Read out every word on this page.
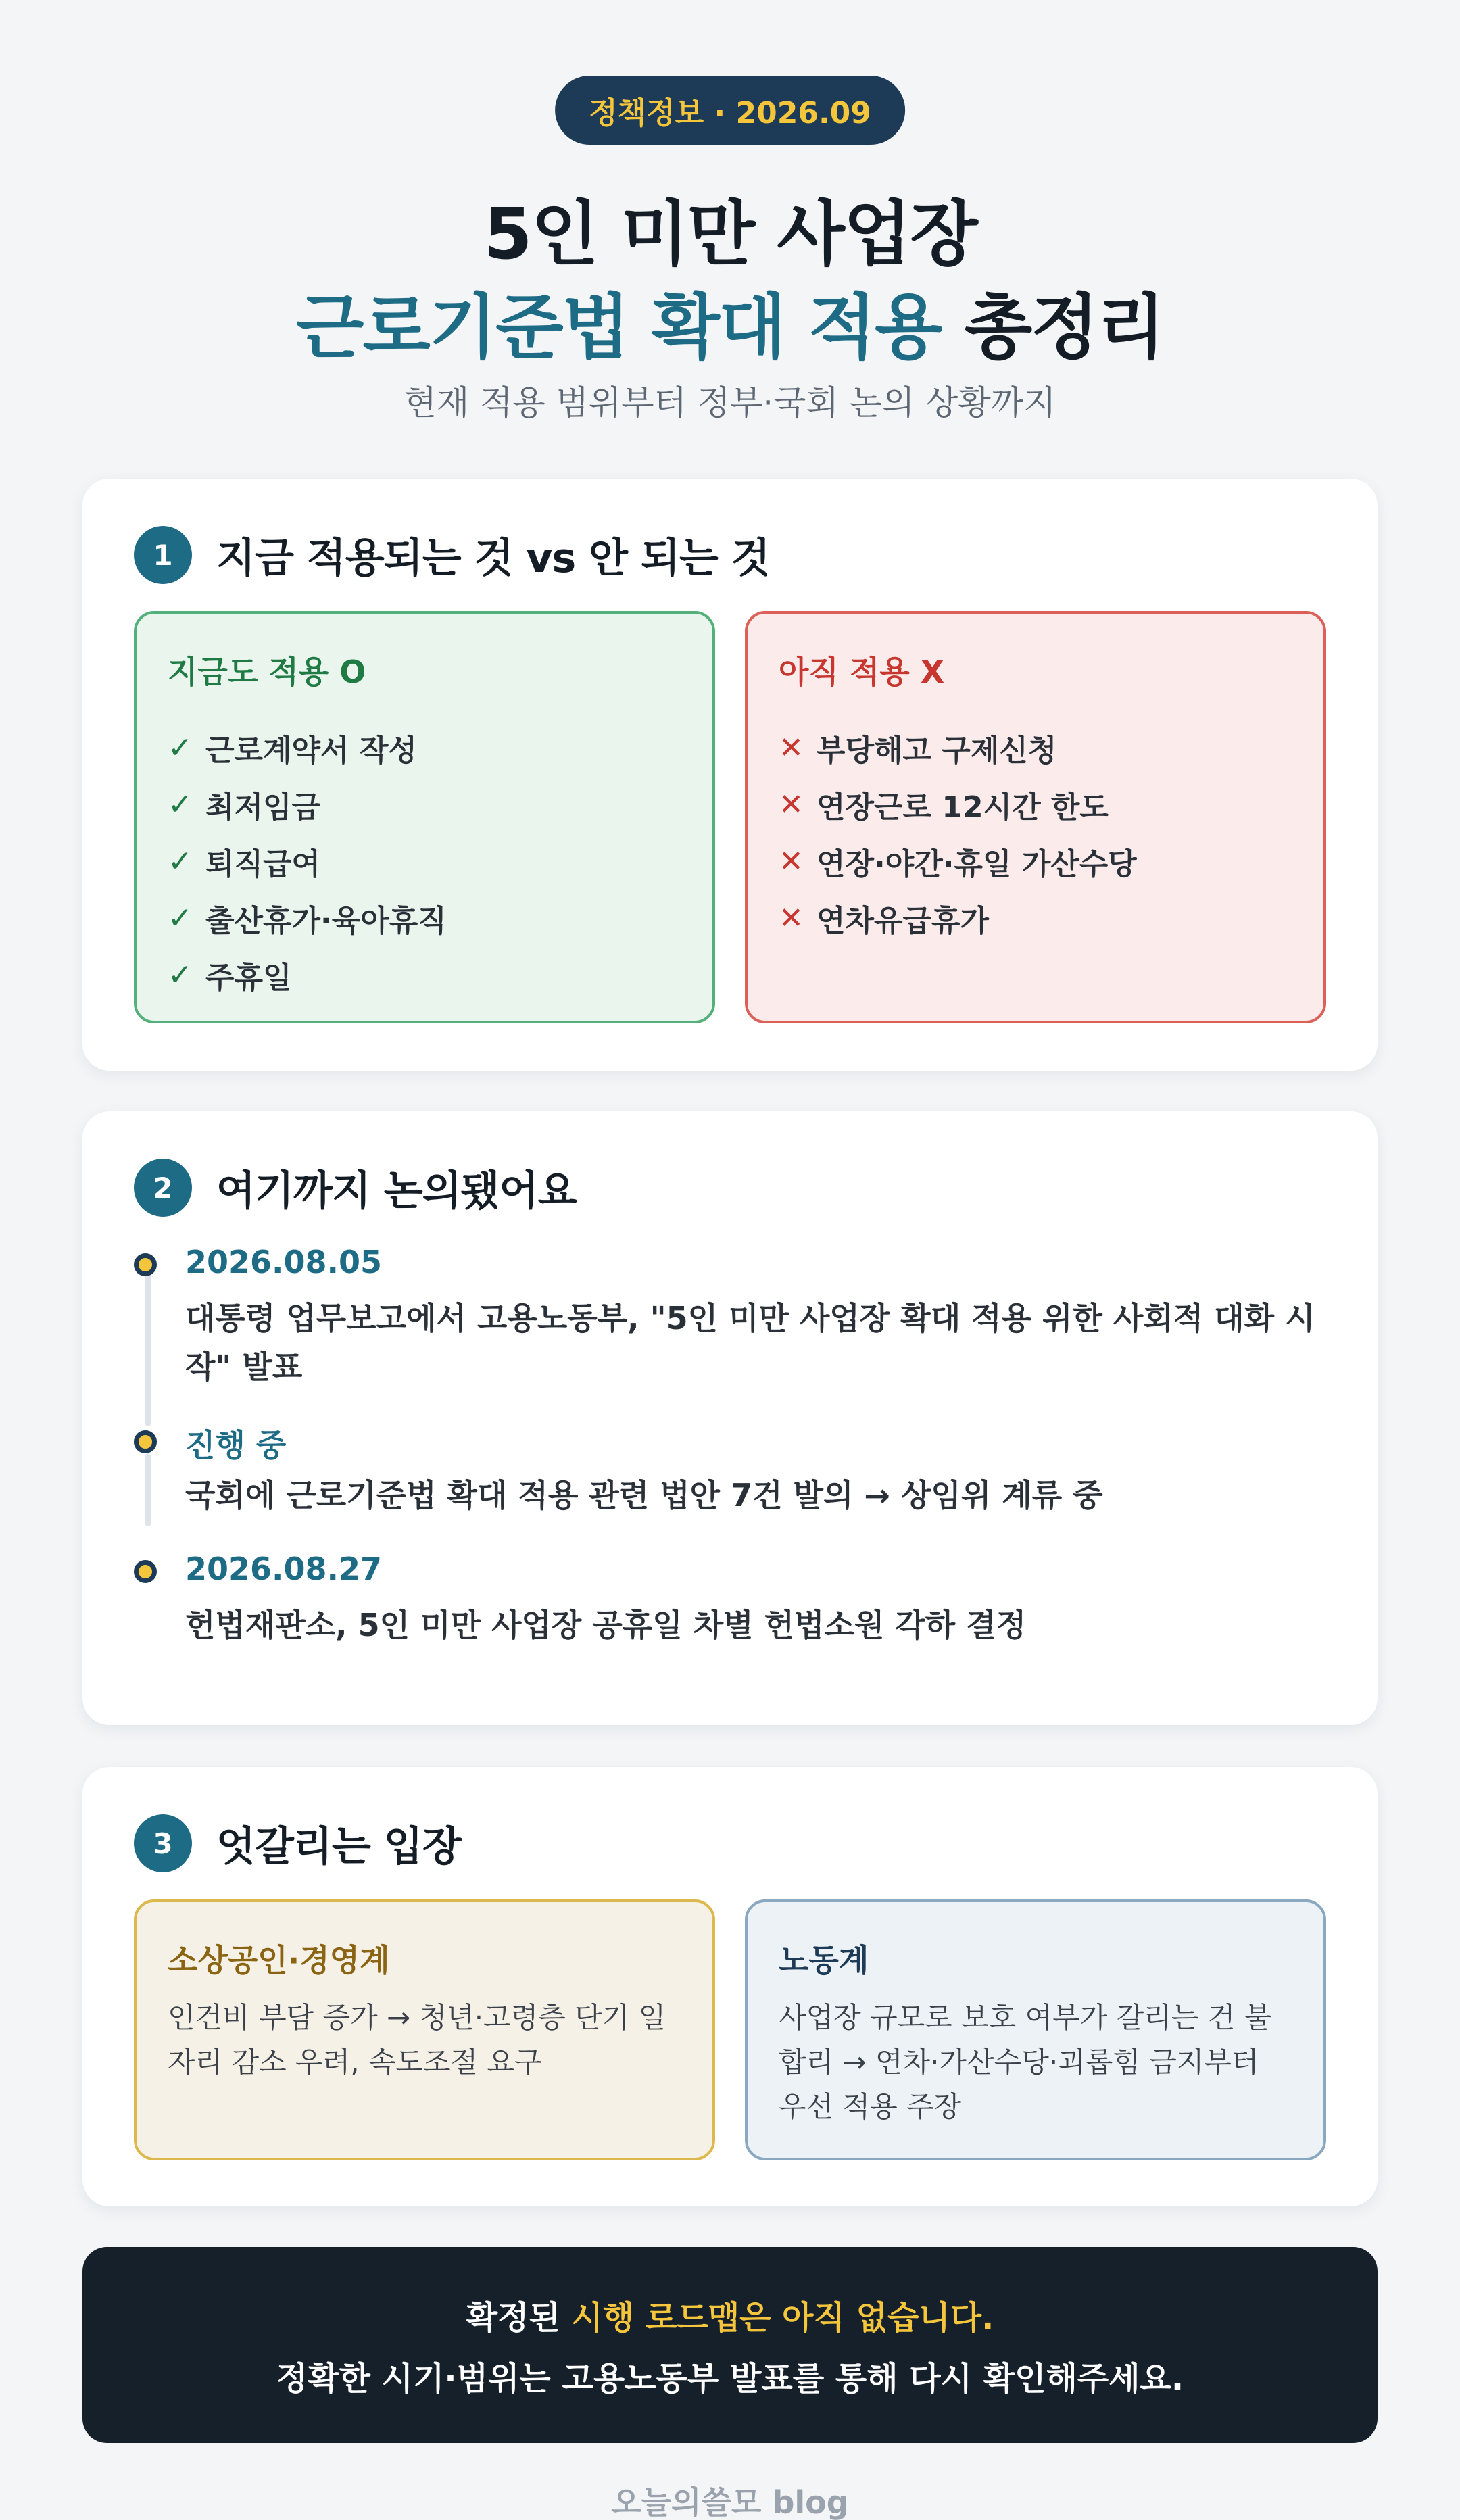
정책정보 · 2026.09
5인 미만 사업장
근로기준법 확대 적용 총정리
현재 적용 범위부터 정부·국회 논의 상황까지
1	지금 적용되는 것 vs 안 되는 것
지금도 적용 O
✓ 근로계약서 작성
✓ 최저임금
✓ 퇴직급여
✓ 출산휴가·육아휴직
✓ 주휴일
아직 적용 X
✕ 부당해고 구제신청
✕ 연장근로 12시간 한도
✕ 연장·야간·휴일 가산수당
✕ 연차유급휴가
2	여기까지 논의됐어요
2026.08.05
대통령 업무보고에서 고용노동부, "5인 미만 사업장 확대 적용 위한 사회적 대화 시작" 발표
진행 중
국회에 근로기준법 확대 적용 관련 법안 7건 발의 → 상임위 계류 중
2026.08.27
헌법재판소, 5인 미만 사업장 공휴일 차별 헌법소원 각하 결정
3	엇갈리는 입장
소상공인·경영계
인건비 부담 증가 → 청년·고령층 단기 일자리 감소 우려, 속도조절 요구
노동계
사업장 규모로 보호 여부가 갈리는 건 불합리 → 연차·가산수당·괴롭힘 금지부터 우선 적용 주장
확정된 시행 로드맵은 아직 없습니다.
정확한 시기·범위는 고용노동부 발표를 통해 다시 확인해주세요.
오늘의쓸모 blog
